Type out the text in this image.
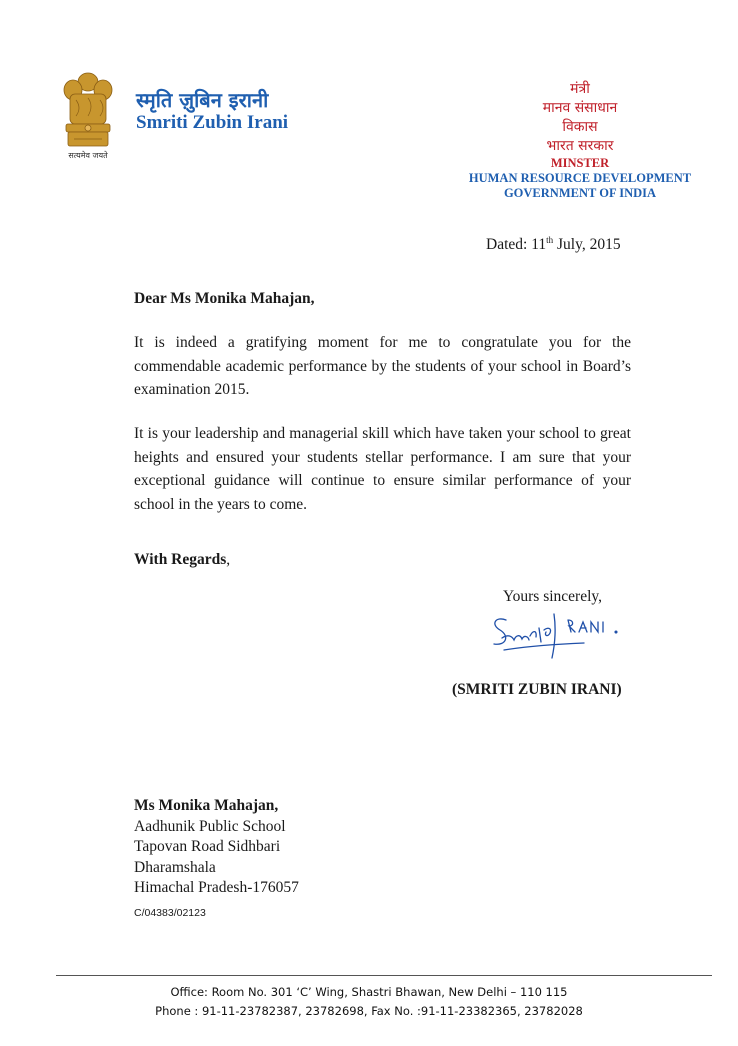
सत्यमेव जयते
स्मृति ज़ुबिन इरानी
Smriti Zubin Irani
मंत्री
मानव संसाधान
विकास
भारत सरकार
MINSTER
HUMAN RESOURCE DEVELOPMENT
GOVERNMENT OF INDIA
Dated: 11th July, 2015
Dear Ms Monika Mahajan,

It is indeed a gratifying moment for me to congratulate you for the commendable academic performance by the students of your school in Board’s examination 2015.

It is your leadership and managerial skill which have taken your school to great heights and ensured your students stellar performance. I am sure that your exceptional guidance will continue to ensure similar performance of your school in the years to come.

With Regards,
Yours sincerely,
(SMRITI ZUBIN IRANI)
Ms Monika Mahajan,
Aadhunik Public School
Tapovan Road Sidhbari
Dharamshala
Himachal Pradesh-176057
C/04383/02123
Office: Room No. 301 ‘C’ Wing, Shastri Bhawan, New Delhi – 110 115
Phone : 91-11-23782387, 23782698, Fax No. :91-11-23382365, 23782028
